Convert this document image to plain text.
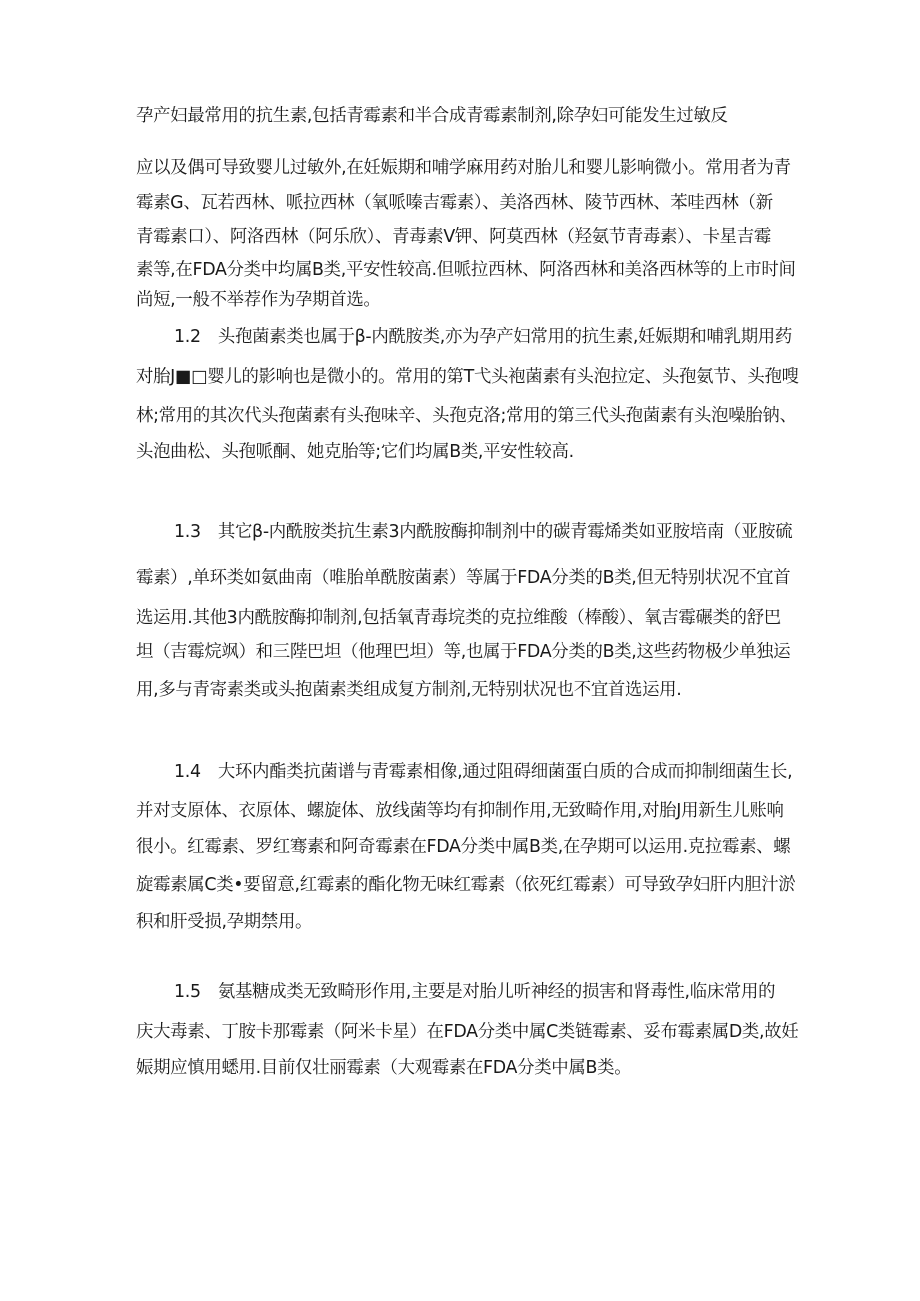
孕产妇最常用的抗生素,包括青霉素和半合成青霉素制剂,除孕妇可能发生过敏反
应以及偶可导致婴儿过敏外,在妊娠期和哺学麻用药对胎儿和婴儿影响微小。常用者为青
霉素G、瓦若西林、哌拉西林（氧哌嗪吉霉素）、美洛西林、陵节西林、苯哇西林（新
青霉素口）、阿洛西林（阿乐欣）、青毒素V钾、阿莫西林（羟氨节青毒素）、卡星吉霉
素等,在FDA分类中均属B类,平安性较高.但哌拉西林、阿洛西林和美洛西林等的上市时间
尚短,一般不举荐作为孕期首选。
1.2　头孢菌素类也属于β-内酰胺类,亦为孕产妇常用的抗生素,妊娠期和哺乳期用药
对胎J■□婴儿的影响也是微小的。常用的第T弋头袍菌素有头泡拉定、头孢氨节、头孢嗖
林;常用的其次代头孢菌素有头孢味辛、头孢克洛;常用的第三代头孢菌素有头泡噪胎钠、
头泡曲松、头孢哌酮、她克胎等;它们均属B类,平安性较高.
1.3　其它β-内酰胺类抗生素3内酰胺酶抑制剂中的碳青霉烯类如亚胺培南（亚胺硫
霉素）,单环类如氨曲南（唯胎单酰胺菌素）等属于FDA分类的B类,但无特别状况不宜首
选运用.其他3内酰胺酶抑制剂,包括氧青毒垸类的克拉维酸（棒酸）、氧吉霉碾类的舒巴
坦（吉霉烷飒）和三陛巴坦（他理巴坦）等,也属于FDA分类的B类,这些药物极少单独运
用,多与青寄素类或头抱菌素类组成复方制剂,无特别状况也不宜首选运用.
1.4　大环内酯类抗菌谱与青霉素相像,通过阻碍细菌蛋白质的合成而抑制细菌生长,
并对支原体、衣原体、螺旋体、放线菌等均有抑制作用,无致畸作用,对胎J用新生儿账响
很小。红霉素、罗红骞素和阿奇霉素在FDA分类中属B类,在孕期可以运用.克拉霉素、螺
旋霉素属C类•要留意,红霉素的酯化物无味红霉素（依死红霉素）可导致孕妇肝内胆汁淤
积和肝受损,孕期禁用。
1.5　氨基糖成类无致畸形作用,主要是对胎儿听神经的损害和肾毒性,临床常用的
庆大毒素、丁胺卡那霉素（阿米卡星）在FDA分类中属C类链霉素、妥布霉素属D类,故妊
娠期应慎用蟋用.目前仅壮丽霉素（大观霉素在FDA分类中属B类。
